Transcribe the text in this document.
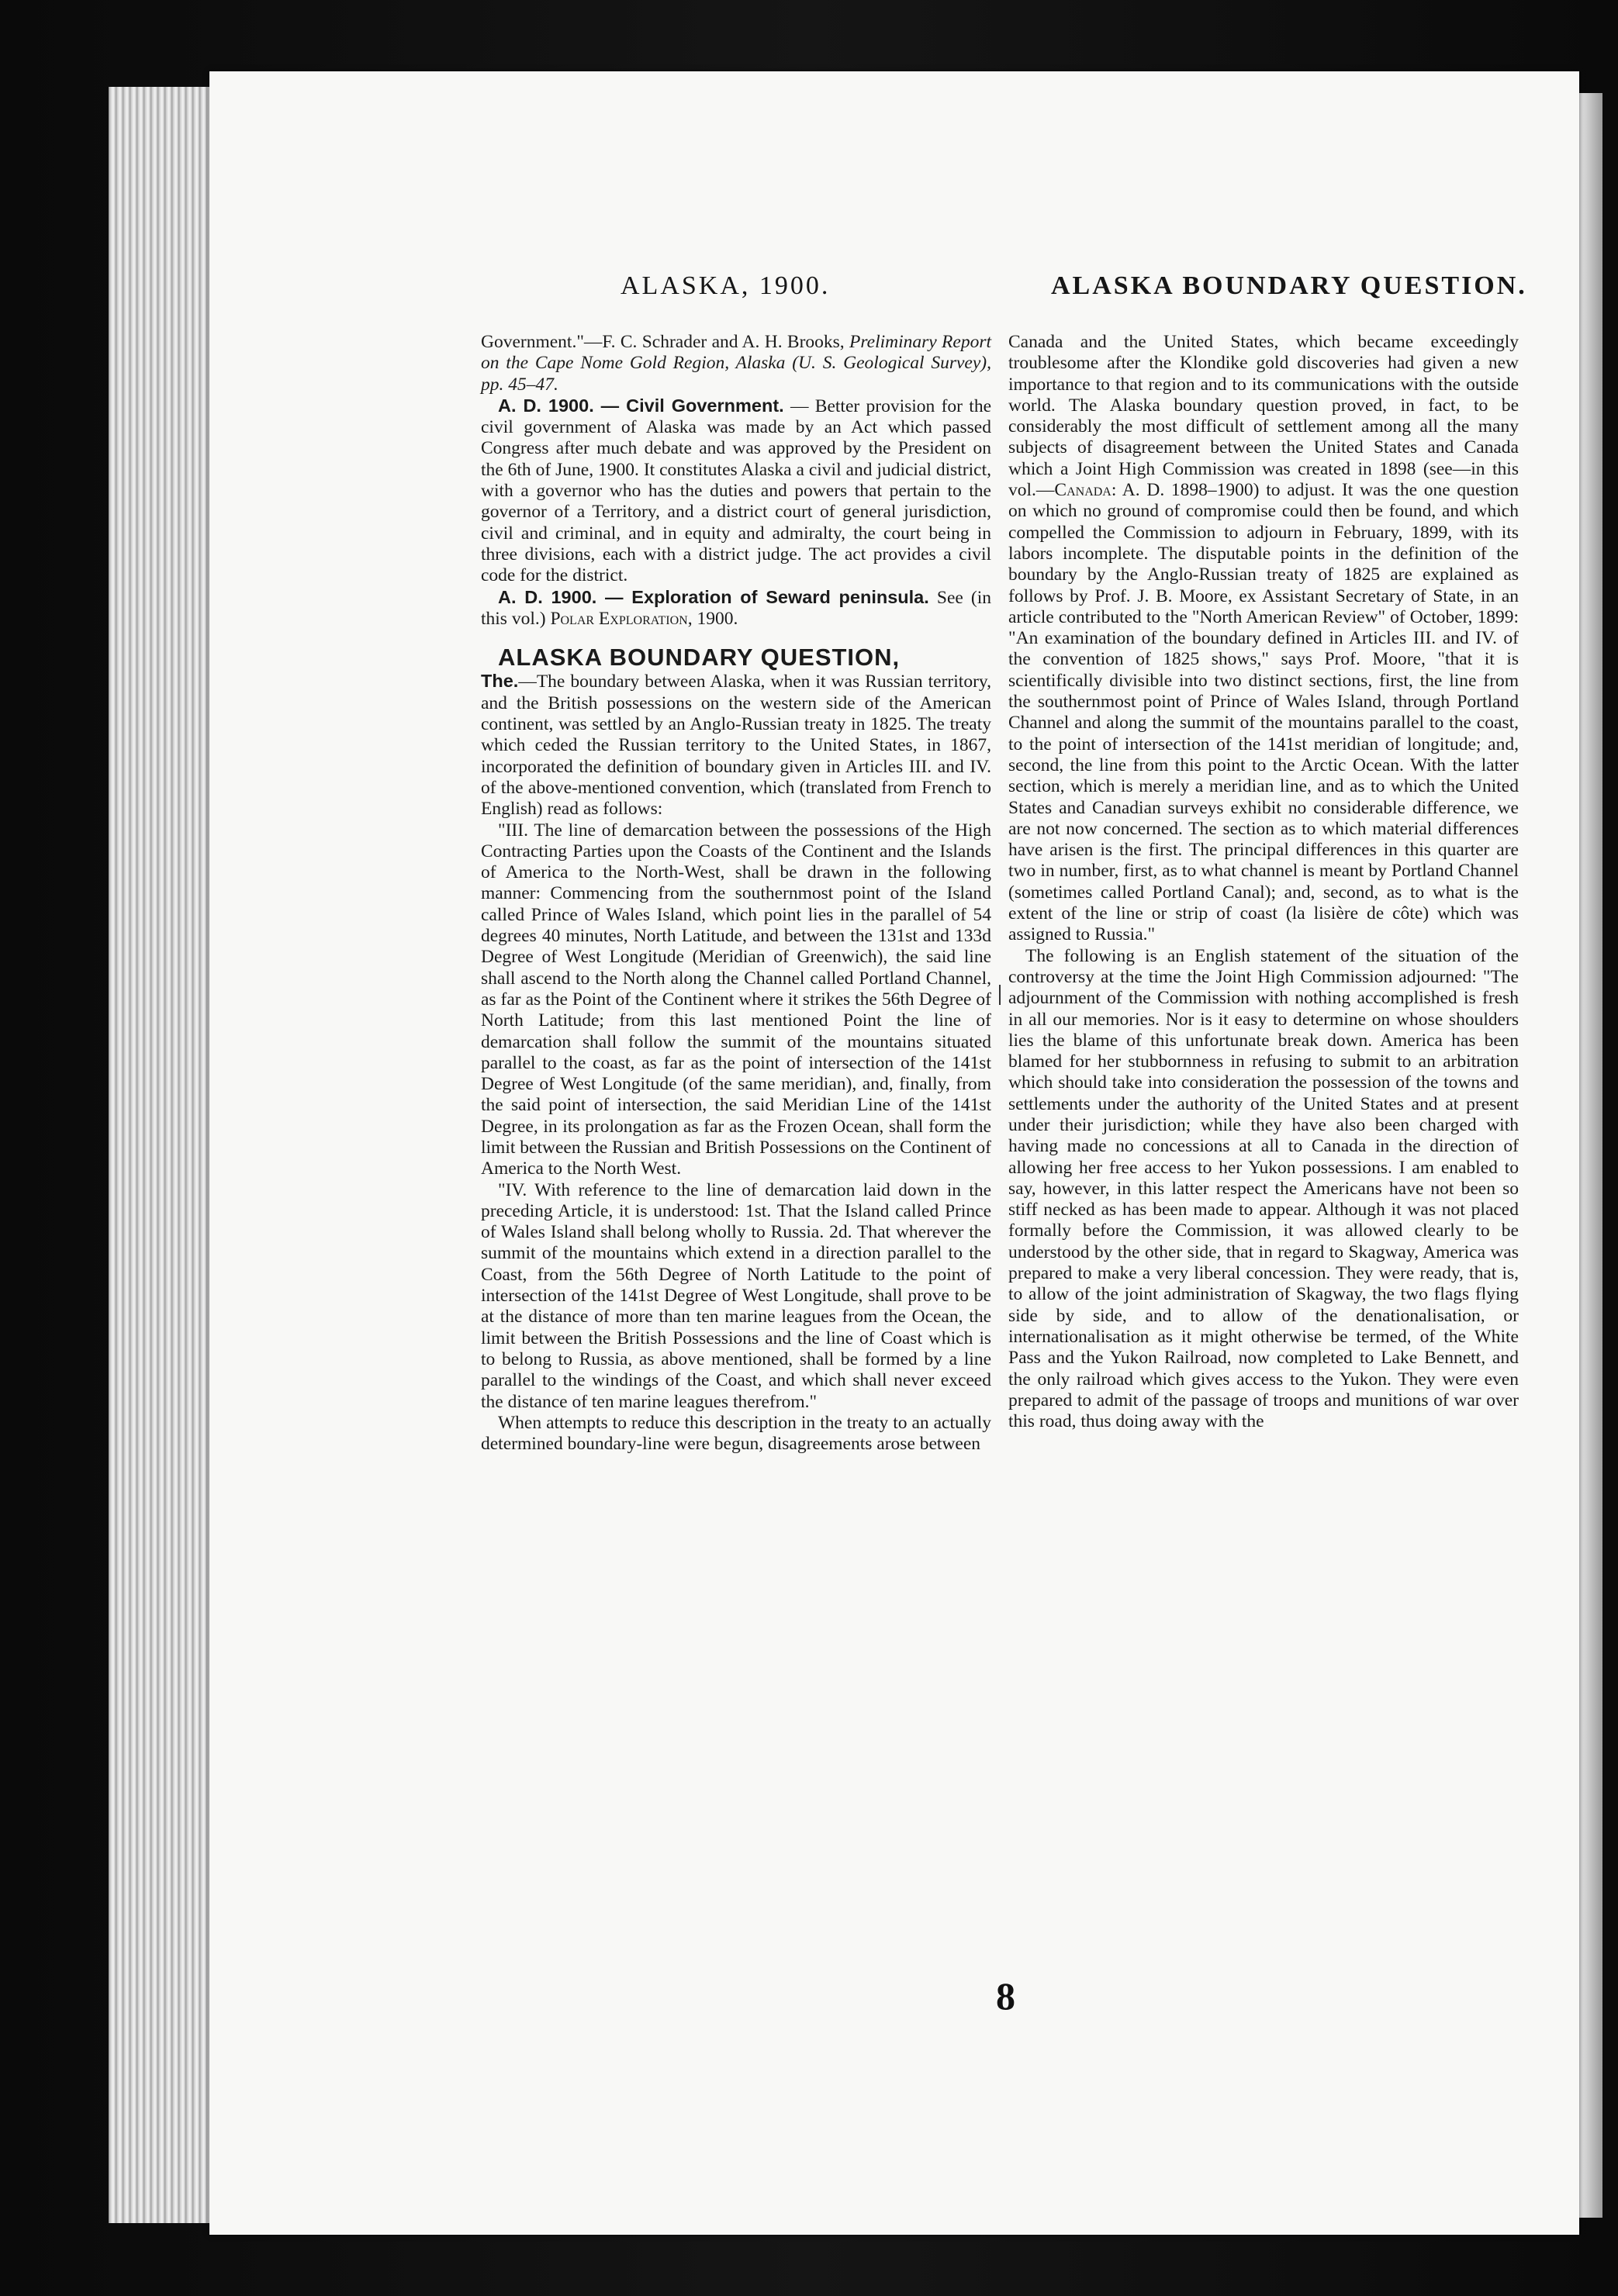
ALASKA, 1900.	ALASKA BOUNDARY QUESTION.

Government."—F. C. Schrader and A. H. Brooks, Preliminary Report on the Cape Nome Gold Region, Alaska (U. S. Geological Survey), pp. 45–47.

A. D. 1900. — Civil Government. — Better provision for the civil government of Alaska was made by an Act which passed Congress after much debate and was approved by the President on the 6th of June, 1900. It constitutes Alaska a civil and judicial district, with a governor who has the duties and powers that pertain to the governor of a Territory, and a district court of general jurisdiction, civil and criminal, and in equity and admiralty, the court being in three divisions, each with a district judge. The act provides a civil code for the district.

A. D. 1900. — Exploration of Seward peninsula. See (in this vol.) Polar Exploration, 1900.

ALASKA BOUNDARY QUESTION,
The.—The boundary between Alaska, when it was Russian territory, and the British possessions on the western side of the American continent, was settled by an Anglo-Russian treaty in 1825. The treaty which ceded the Russian territory to the United States, in 1867, incorporated the definition of boundary given in Articles III. and IV. of the above-mentioned convention, which (translated from French to English) read as follows:

"III. The line of demarcation between the possessions of the High Contracting Parties upon the Coasts of the Continent and the Islands of America to the North-West, shall be drawn in the following manner: Commencing from the southernmost point of the Island called Prince of Wales Island, which point lies in the parallel of 54 degrees 40 minutes, North Latitude, and between the 131st and 133d Degree of West Longitude (Meridian of Greenwich), the said line shall ascend to the North along the Channel called Portland Channel, as far as the Point of the Continent where it strikes the 56th Degree of North Latitude; from this last mentioned Point the line of demarcation shall follow the summit of the mountains situated parallel to the coast, as far as the point of intersection of the 141st Degree of West Longitude (of the same meridian), and, finally, from the said point of intersection, the said Meridian Line of the 141st Degree, in its prolongation as far as the Frozen Ocean, shall form the limit between the Russian and British Possessions on the Continent of America to the North West.

"IV. With reference to the line of demarcation laid down in the preceding Article, it is understood: 1st. That the Island called Prince of Wales Island shall belong wholly to Russia. 2d. That wherever the summit of the mountains which extend in a direction parallel to the Coast, from the 56th Degree of North Latitude to the point of intersection of the 141st Degree of West Longitude, shall prove to be at the distance of more than ten marine leagues from the Ocean, the limit between the British Possessions and the line of Coast which is to belong to Russia, as above mentioned, shall be formed by a line parallel to the windings of the Coast, and which shall never exceed the distance of ten marine leagues therefrom."

When attempts to reduce this description in the treaty to an actually determined boundary-line were begun, disagreements arose between

Canada and the United States, which became exceedingly troublesome after the Klondike gold discoveries had given a new importance to that region and to its communications with the outside world. The Alaska boundary question proved, in fact, to be considerably the most difficult of settlement among all the many subjects of disagreement between the United States and Canada which a Joint High Commission was created in 1898 (see—in this vol.—Canada: A. D. 1898–1900) to adjust. It was the one question on which no ground of compromise could then be found, and which compelled the Commission to adjourn in February, 1899, with its labors incomplete. The disputable points in the definition of the boundary by the Anglo-Russian treaty of 1825 are explained as follows by Prof. J. B. Moore, ex Assistant Secretary of State, in an article contributed to the "North American Review" of October, 1899: "An examination of the boundary defined in Articles III. and IV. of the convention of 1825 shows," says Prof. Moore, "that it is scientifically divisible into two distinct sections, first, the line from the southernmost point of Prince of Wales Island, through Portland Channel and along the summit of the mountains parallel to the coast, to the point of intersection of the 141st meridian of longitude; and, second, the line from this point to the Arctic Ocean. With the latter section, which is merely a meridian line, and as to which the United States and Canadian surveys exhibit no considerable difference, we are not now concerned. The section as to which material differences have arisen is the first. The principal differences in this quarter are two in number, first, as to what channel is meant by Portland Channel (sometimes called Portland Canal); and, second, as to what is the extent of the line or strip of coast (la lisière de côte) which was assigned to Russia."

The following is an English statement of the situation of the controversy at the time the Joint High Commission adjourned: "The adjournment of the Commission with nothing accomplished is fresh in all our memories. Nor is it easy to determine on whose shoulders lies the blame of this unfortunate break down. America has been blamed for her stubbornness in refusing to submit to an arbitration which should take into consideration the possession of the towns and settlements under the authority of the United States and at present under their jurisdiction; while they have also been charged with having made no concessions at all to Canada in the direction of allowing her free access to her Yukon possessions. I am enabled to say, however, in this latter respect the Americans have not been so stiff necked as has been made to appear. Although it was not placed formally before the Commission, it was allowed clearly to be understood by the other side, that in regard to Skagway, America was prepared to make a very liberal concession. They were ready, that is, to allow of the joint administration of Skagway, the two flags flying side by side, and to allow of the denationalisation, or internationalisation as it might otherwise be termed, of the White Pass and the Yukon Railroad, now completed to Lake Bennett, and the only railroad which gives access to the Yukon. They were even prepared to admit of the passage of troops and munitions of war over this road, thus doing away with the

8
